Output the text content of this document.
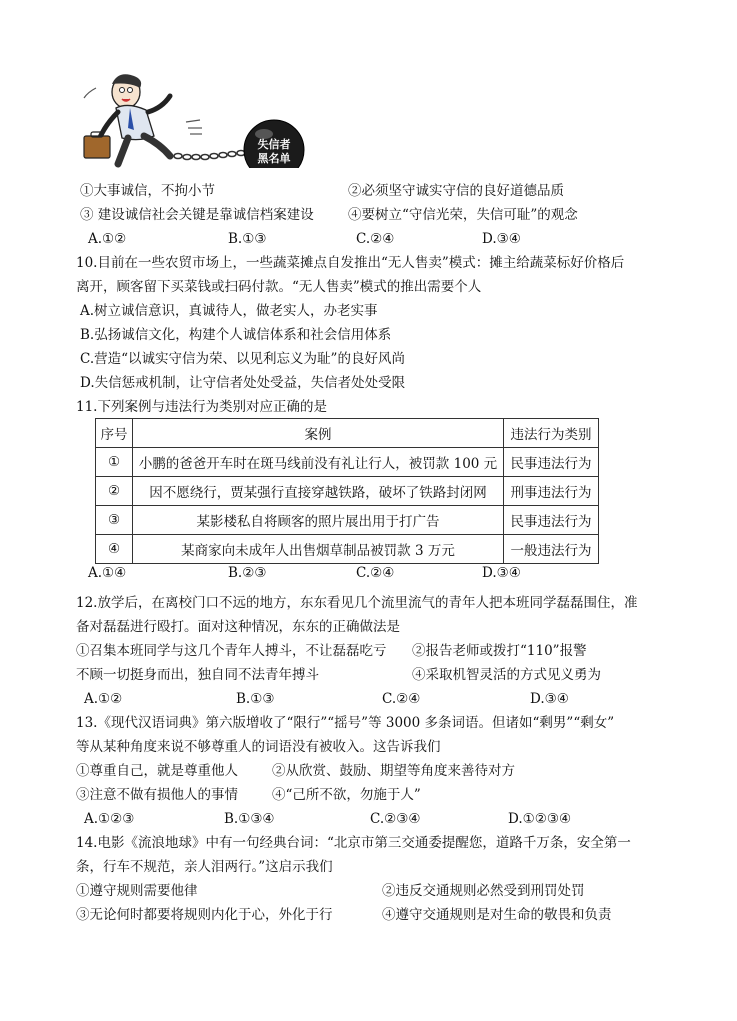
失信者
黑名单
①大事诚信，不拘小节	②必须坚守诚实守信的良好道德品质
③ 建设诚信社会关键是靠诚信档案建设	④要树立“守信光荣，失信可耻”的观念
A.①②	B.①③	C.②④	D.③④
10.目前在一些农贸市场上，一些蔬菜摊点自发推出“无人售卖”模式：摊主给蔬菜标好价格后
离开，顾客留下买菜钱或扫码付款。“无人售卖”模式的推出需要个人
A.树立诚信意识，真诚待人，做老实人，办老实事
B.弘扬诚信文化，构建个人诚信体系和社会信用体系
C.营造“以诚实守信为荣、以见利忘义为耻”的良好风尚
D.失信惩戒机制，让守信者处处受益，失信者处处受限
11.下列案例与违法行为类别对应正确的是
序号	案例	违法行为类别
①	小鹏的爸爸开车时在斑马线前没有礼让行人，被罚款 100 元	民事违法行为
②	因不愿绕行，贾某强行直接穿越铁路，破坏了铁路封闭网	刑事违法行为
③	某影楼私自将顾客的照片展出用于打广告	民事违法行为
④	某商家向未成年人出售烟草制品被罚款 3 万元	一般违法行为
A.①④	B.②③	C.②④	D.③④
12.放学后，在离校门口不远的地方，东东看见几个流里流气的青年人把本班同学磊磊围住，准
备对磊磊进行殴打。面对这种情况，东东的正确做法是
①召集本班同学与这几个青年人搏斗，不让磊磊吃亏 ②报告老师或拨打“110”报警
不顾一切挺身而出，独自同不法青年搏斗	④采取机智灵活的方式见义勇为
A.①②	B.①③	C.②④	D.③④
13.《现代汉语词典》第六版增收了“限行”“摇号”等 3000 多条词语。但诸如“剩男”“剩女”
等从某种角度来说不够尊重人的词语没有被收入。这告诉我们
①尊重自己，就是尊重他人	②从欣赏、鼓励、期望等角度来善待对方
③注意不做有损他人的事情	④“己所不欲，勿施于人”
A.①②③	B.①③④	C.②③④	D.①②③④
14.电影《流浪地球》中有一句经典台词：“北京市第三交通委提醒您，道路千万条，安全第一
条，行车不规范，亲人泪两行。”这启示我们
①遵守规则需要他律	②违反交通规则必然受到刑罚处罚
③无论何时都要将规则内化于心，外化于行	④遵守交通规则是对生命的敬畏和负责
